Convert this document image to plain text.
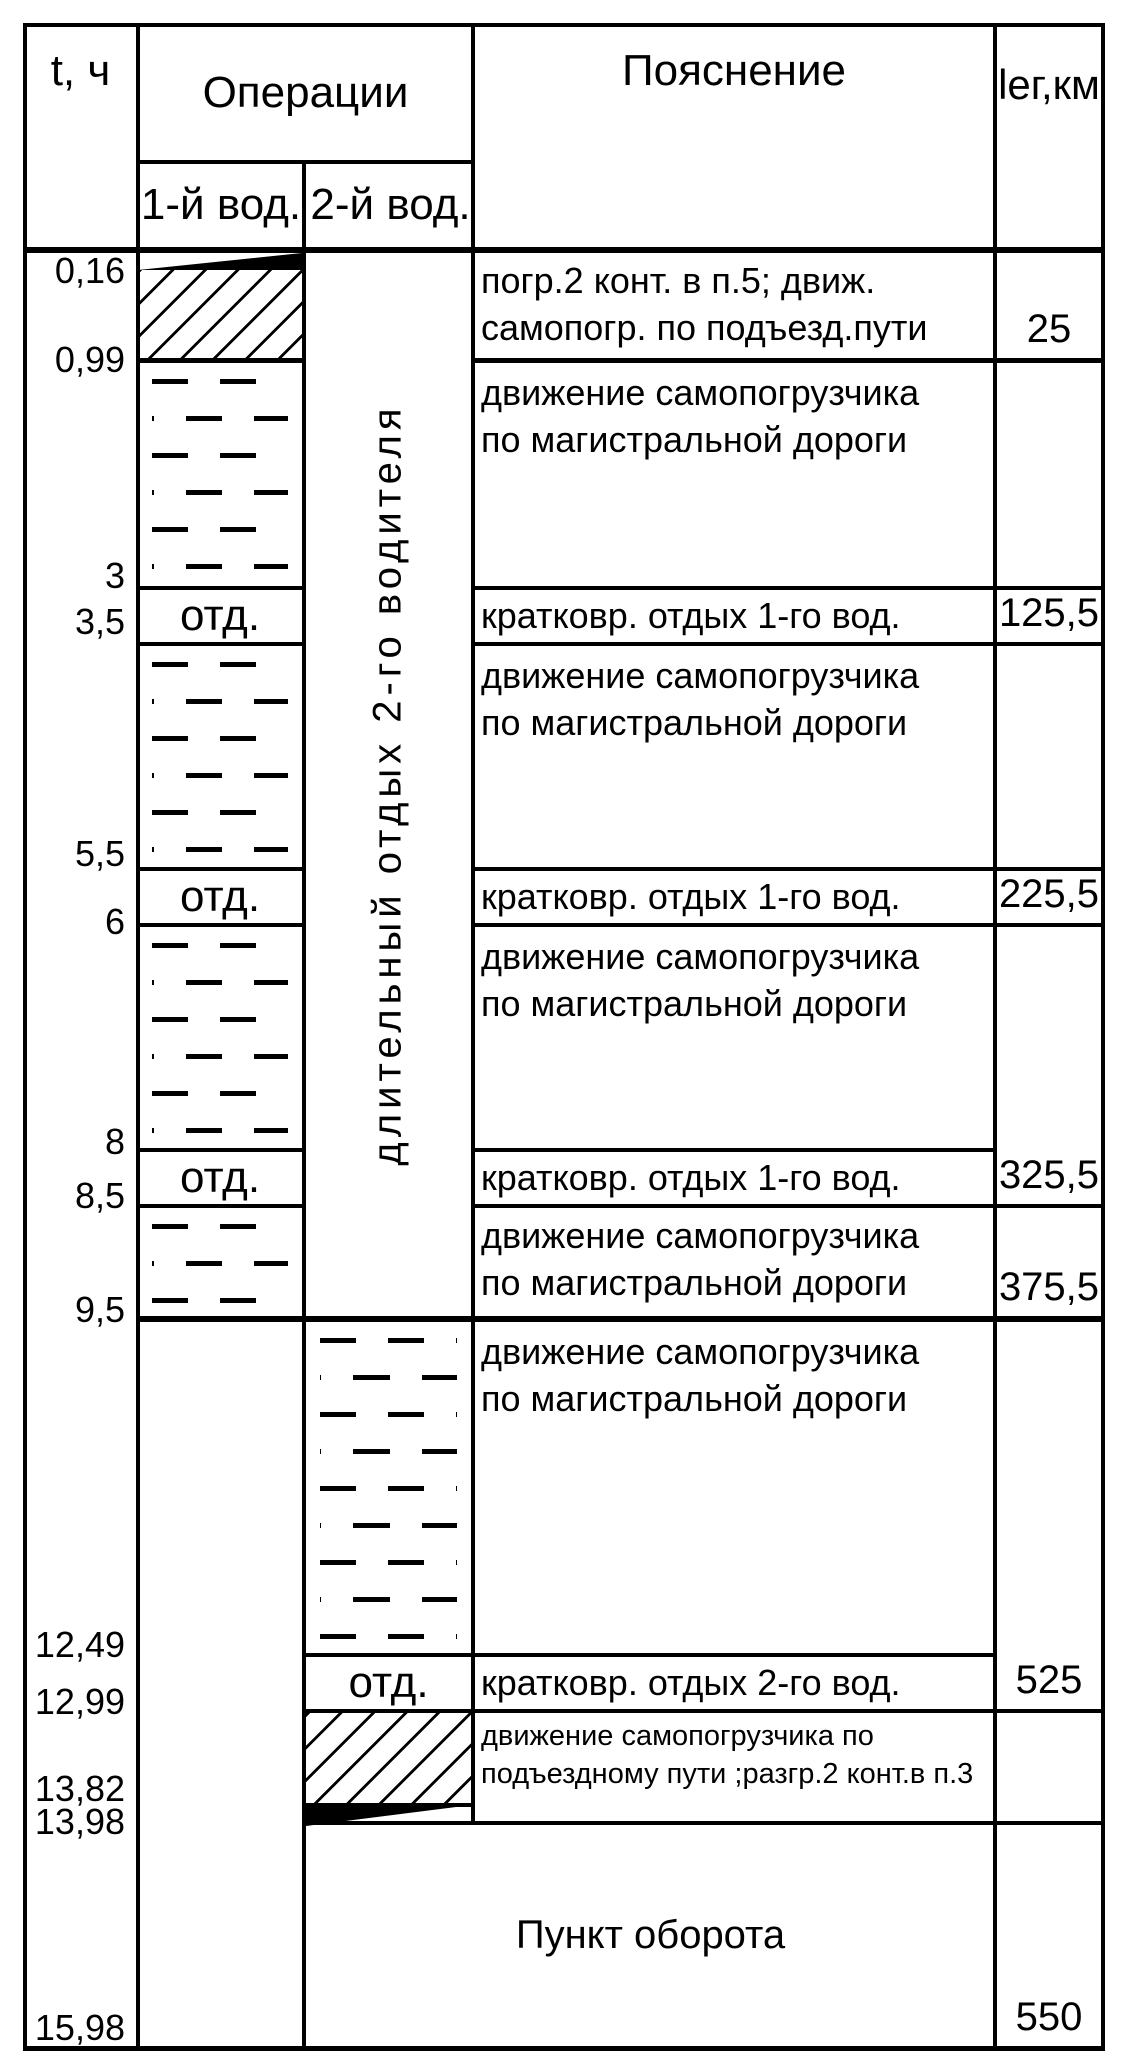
t, ч Операции	Пояснение	lег,км
1-й вод. 2-й вод.
0,16
0,99
3
3,5
5,5
6
8
8,5
9,5
12,49
12,99
13,82
13,98
15,98
отд.
отд.
отд.
длительный отдых 2-го водителя
отд.
погр.2 конт. в п.5; движ. самопогр. по подъезд.пути
движение самопогрузчика по магистральной дороги
кратковр. отдых 1-го вод.
движение самопогрузчика по магистральной дороги
кратковр. отдых 1-го вод.
движение самопогрузчика по магистральной дороги
кратковр. отдых 1-го вод.
движение самопогрузчика по магистральной дороги
движение самопогрузчика по магистральной дороги
кратковр. отдых 2-го вод.
движение самопогрузчика по подъездному пути ;разгр.2 конт.в п.3
Пункт оборота
25
125,5
225,5
325,5
375,5
525
550
